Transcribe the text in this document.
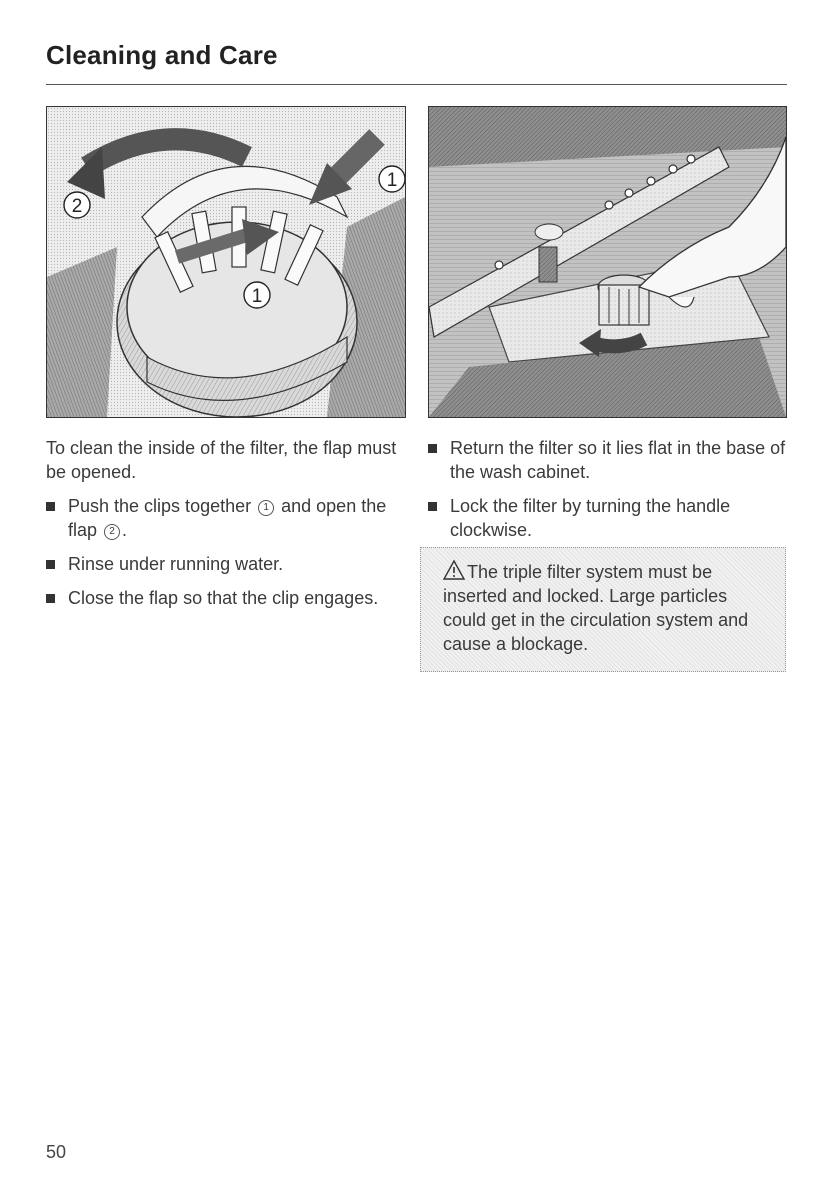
Cleaning and Care
2
1
1

To clean the inside of the filter, the flap must be opened.

Push the clips together 1 and open the flap 2 .
Rinse under running water.
Close the flap so that the clip engages.
Return the filter so it lies flat in the base of the wash cabinet.
Lock the filter by turning the handle clockwise.

The triple filter system must be inserted and locked. Large particles could get in the circulation system and cause a blockage.

50
